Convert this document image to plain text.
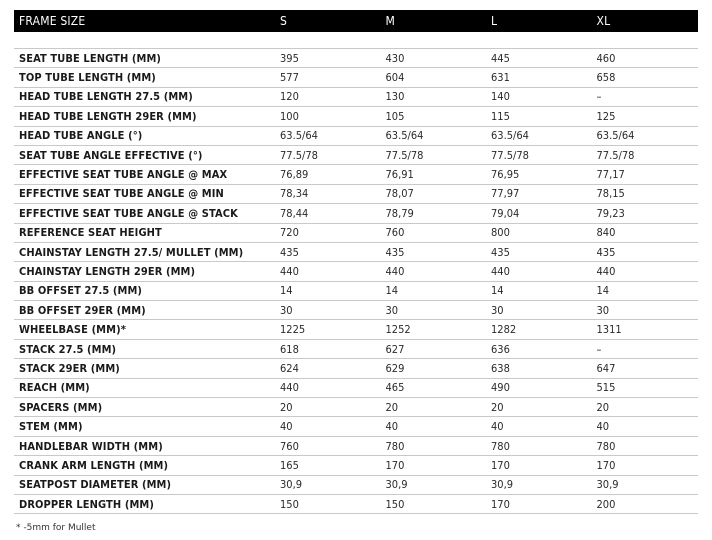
FRAME SIZE	S	M	L	XL
SEAT TUBE LENGTH (MM)	395	430	445	460
TOP TUBE LENGTH (MM)	577	604	631	658
HEAD TUBE LENGTH 27.5 (MM)	120	130	140	–
HEAD TUBE LENGTH 29ER (MM)	100	105	115	125
HEAD TUBE ANGLE (°)	63.5/64	63.5/64	63.5/64	63.5/64
SEAT TUBE ANGLE EFFECTIVE (°)	77.5/78	77.5/78	77.5/78	77.5/78
EFFECTIVE SEAT TUBE ANGLE @ MAX	76,89	76,91	76,95	77,17
EFFECTIVE SEAT TUBE ANGLE @ MIN	78,34	78,07	77,97	78,15
EFFECTIVE SEAT TUBE ANGLE @ STACK	78,44	78,79	79,04	79,23
REFERENCE SEAT HEIGHT	720	760	800	840
CHAINSTAY LENGTH 27.5/ MULLET (MM)	435	435	435	435
CHAINSTAY LENGTH 29ER (MM)	440	440	440	440
BB OFFSET 27.5 (MM)	14	14	14	14
BB OFFSET 29ER (MM)	30	30	30	30
WHEELBASE (MM)*	1225	1252	1282	1311
STACK 27.5 (MM)	618	627	636	–
STACK 29ER (MM)	624	629	638	647
REACH (MM)	440	465	490	515
SPACERS (MM)	20	20	20	20
STEM (MM)	40	40	40	40
HANDLEBAR WIDTH (MM)	760	780	780	780
CRANK ARM LENGTH (MM)	165	170	170	170
SEATPOST DIAMETER (MM)	30,9	30,9	30,9	30,9
DROPPER LENGTH (MM)	150	150	170	200
* -5mm for Mullet
